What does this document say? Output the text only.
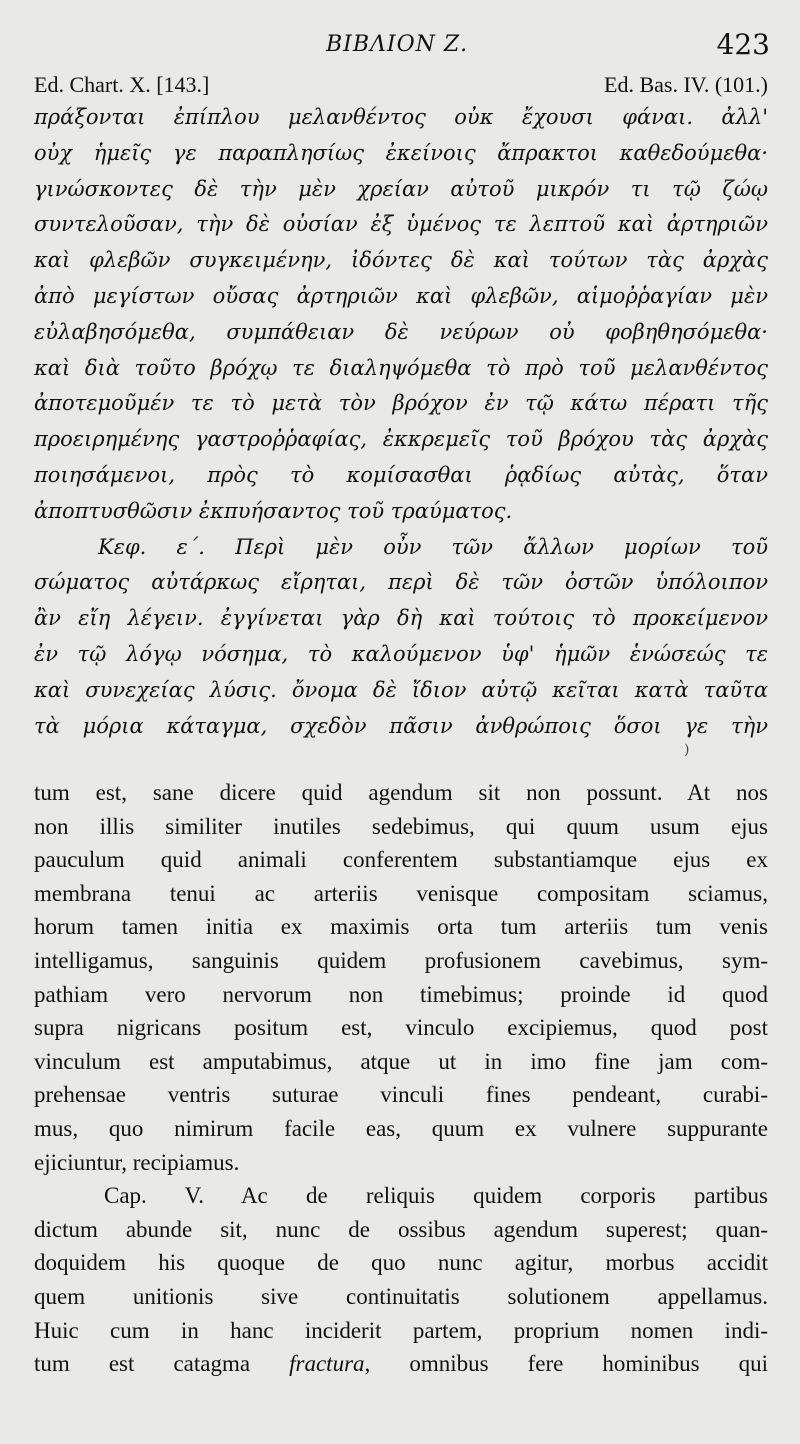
BIBΛΙΟΝ Ζ.	423
Ed. Chart. X. [143.]	Ed. Bas. IV. (101.)
πράξονται ἐπίπλου μελανθέντος οὐκ ἔχουσι φάναι. ἀλλ'
οὐχ ἡμεῖς γε παραπλησίως ἐκείνοις ἄπρακτοι καθεδούμεθα·
γινώσκοντες δὲ τὴν μὲν χρείαν αὐτοῦ μικρόν τι τῷ ζώῳ
συντελοῦσαν, τὴν δὲ οὐσίαν ἐξ ὑμένος τε λεπτοῦ καὶ ἀρτηριῶν
καὶ φλεβῶν συγκειμένην, ἰδόντες δὲ καὶ τούτων τὰς ἀρχὰς
ἀπὸ μεγίστων οὔσας ἀρτηριῶν καὶ φλεβῶν, αἱμοῤῥαγίαν μὲν
εὐλαβησόμεθα, συμπάθειαν δὲ νεύρων οὐ φοβηθησόμεθα·
καὶ διὰ τοῦτο βρόχῳ τε διαληψόμεθα τὸ πρὸ τοῦ μελανθέντος
ἀποτεμοῦμέν τε τὸ μετὰ τὸν βρόχον ἐν τῷ κάτω πέρατι τῆς
προειρημένης γαστροῤῥαφίας, ἐκκρεμεῖς τοῦ βρόχου τὰς ἀρχὰς
ποιησάμενοι, πρὸς τὸ κομίσασθαι ῥᾳδίως αὐτὰς, ὅταν
ἀποπτυσθῶσιν ἐκπυήσαντος τοῦ τραύματος.
Κεφ. ε΄. Περὶ μὲν οὖν τῶν ἄλλων μορίων τοῦ
σώματος αὐτάρκως εἴρηται, περὶ δὲ τῶν ὀστῶν ὑπόλοιπον
ἂν εἴη λέγειν. ἐγγίνεται γὰρ δὴ καὶ τούτοις τὸ προκείμενον
ἐν τῷ λόγῳ νόσημα, τὸ καλούμενον ὑφ' ἡμῶν ἑνώσεώς τε
καὶ συνεχείας λύσις. ὄνομα δὲ ἴδιον αὐτῷ κεῖται κατὰ ταῦτα
τὰ μόρια κάταγμα, σχεδὸν πᾶσιν ἀνθρώποις ὅσοι γε τὴν
)
tum est, sane dicere quid agendum sit non possunt. At nos
non illis similiter inutiles sedebimus, qui quum usum ejus
pauculum quid animali conferentem substantiamque ejus ex
membrana tenui ac arteriis venisque compositam sciamus,
horum tamen initia ex maximis orta tum arteriis tum venis
intelligamus, sanguinis quidem profusionem cavebimus, sym-
pathiam vero nervorum non timebimus; proinde id quod
supra nigricans positum est, vinculo excipiemus, quod post
vinculum est amputabimus, atque ut in imo fine jam com-
prehensae ventris suturae vinculi fines pendeant, curabi-
mus, quo nimirum facile eas, quum ex vulnere suppurante
ejiciuntur, recipiamus.
Cap. V. Ac de reliquis quidem corporis partibus
dictum abunde sit, nunc de ossibus agendum superest; quan-
doquidem his quoque de quo nunc agitur, morbus accidit
quem unitionis sive continuitatis solutionem appellamus.
Huic cum in hanc inciderit partem, proprium nomen indi-
tum est catagma fractura, omnibus fere hominibus qui
